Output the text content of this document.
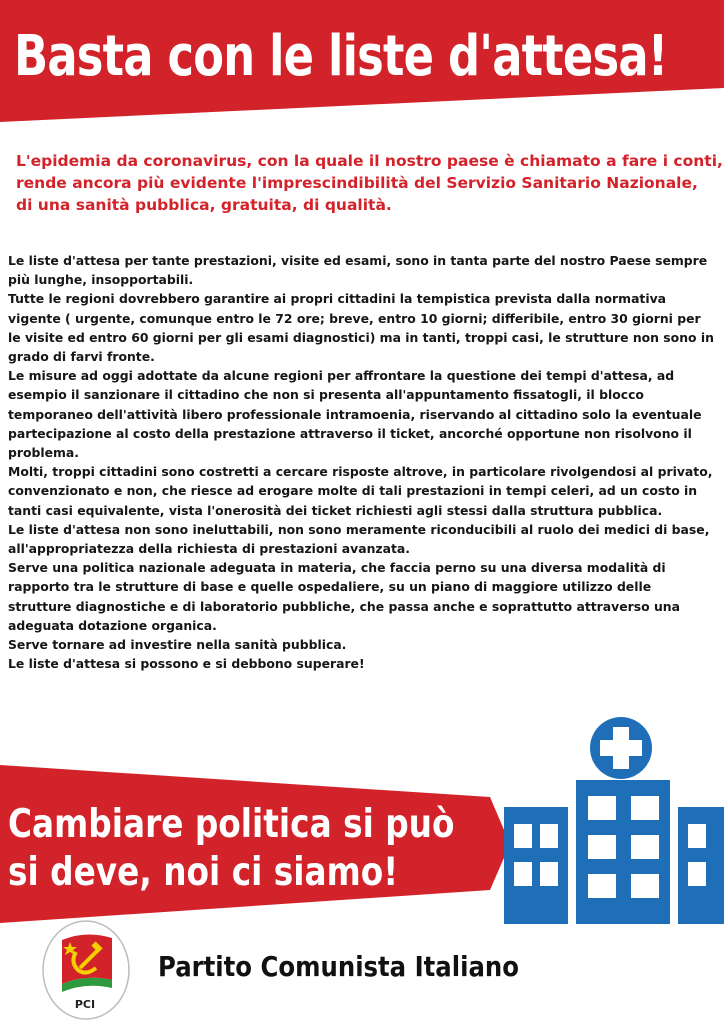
Basta con le liste d'attesa!
L'epidemia da coronavirus, con la quale il nostro paese è chiamato a fare i conti,
rende ancora più evidente l'imprescindibilità del Servizio Sanitario Nazionale,
di una sanità pubblica, gratuita, di qualità.

Le liste d'attesa per tante prestazioni, visite ed esami, sono in tanta parte del nostro Paese sempre più lunghe, insopportabili.

Tutte le regioni dovrebbero garantire ai propri cittadini la tempistica prevista dalla normativa vigente ( urgente, comunque entro le 72 ore; breve, entro 10 giorni; differibile, entro 30 giorni per le visite ed entro 60 giorni per gli esami diagnostici) ma in tanti, troppi casi, le strutture non sono in grado di farvi fronte.

Le misure ad oggi adottate da alcune regioni per affrontare la questione dei tempi d'attesa, ad esempio il sanzionare il cittadino che non si presenta all'appuntamento fissatogli, il blocco temporaneo dell'attività libero professionale intramoenia, riservando al cittadino solo la eventuale partecipazione al costo della prestazione attraverso il ticket, ancorché opportune non risolvono il problema.

Molti, troppi cittadini sono costretti a cercare risposte altrove, in particolare rivolgendosi al privato, convenzionato e non, che riesce ad erogare molte di tali prestazioni in tempi celeri, ad un costo in tanti casi equivalente, vista l'onerosità dei ticket richiesti agli stessi dalla struttura pubblica.

Le liste d'attesa non sono ineluttabili, non sono meramente riconducibili al ruolo dei medici di base, all'appropriatezza della richiesta di prestazioni avanzata.

Serve una politica nazionale adeguata in materia, che faccia perno su una diversa modalità di rapporto tra le strutture di base e quelle ospedaliere, su un piano di maggiore utilizzo delle strutture diagnostiche e di laboratorio pubbliche, che passa anche e soprattutto attraverso una adeguata dotazione organica.

Serve tornare ad investire nella sanità pubblica.

Le liste d'attesa si possono e si debbono superare!

Cambiare politica si può
si deve, noi ci siamo!
PCI
Partito Comunista Italiano
